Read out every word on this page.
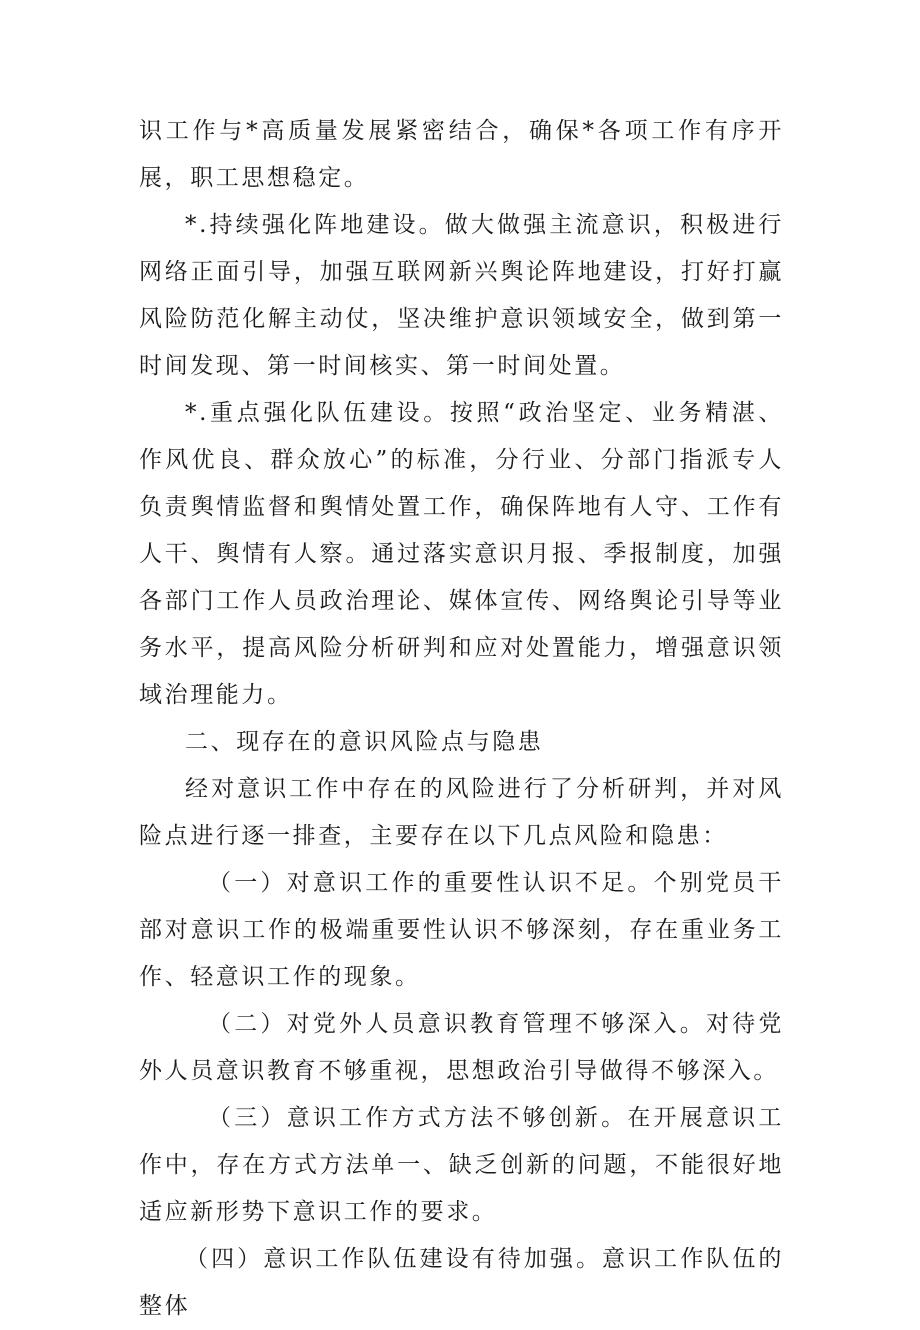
识工作与*高质量发展紧密结合，确保*各项工作有序开展，职工思想稳定。

*.持续强化阵地建设。做大做强主流意识，积极进行网络正面引导，加强互联网新兴舆论阵地建设，打好打赢风险防范化解主动仗，坚决维护意识领域安全，做到第一时间发现、第一时间核实、第一时间处置。

*.重点强化队伍建设。按照“政治坚定、业务精湛、作风优良、群众放心”的标准，分行业、分部门指派专人负责舆情监督和舆情处置工作，确保阵地有人守、工作有人干、舆情有人察。通过落实意识月报、季报制度，加强各部门工作人员政治理论、媒体宣传、网络舆论引导等业务水平，提高风险分析研判和应对处置能力，增强意识领域治理能力。

二、现存在的意识风险点与隐患

经对意识工作中存在的风险进行了分析研判，并对风险点进行逐一排查，主要存在以下几点风险和隐患：

（一）对意识工作的重要性认识不足。个别党员干部对意识工作的极端重要性认识不够深刻，存在重业务工作、轻意识工作的现象。

（二）对党外人员意识教育管理不够深入。对待党外人员意识教育不够重视，思想政治引导做得不够深入。

（三）意识工作方式方法不够创新。在开展意识工作中，存在方式方法单一、缺乏创新的问题，不能很好地适应新形势下意识工作的要求。

（四）意识工作队伍建设有待加强。意识工作队伍的整体
